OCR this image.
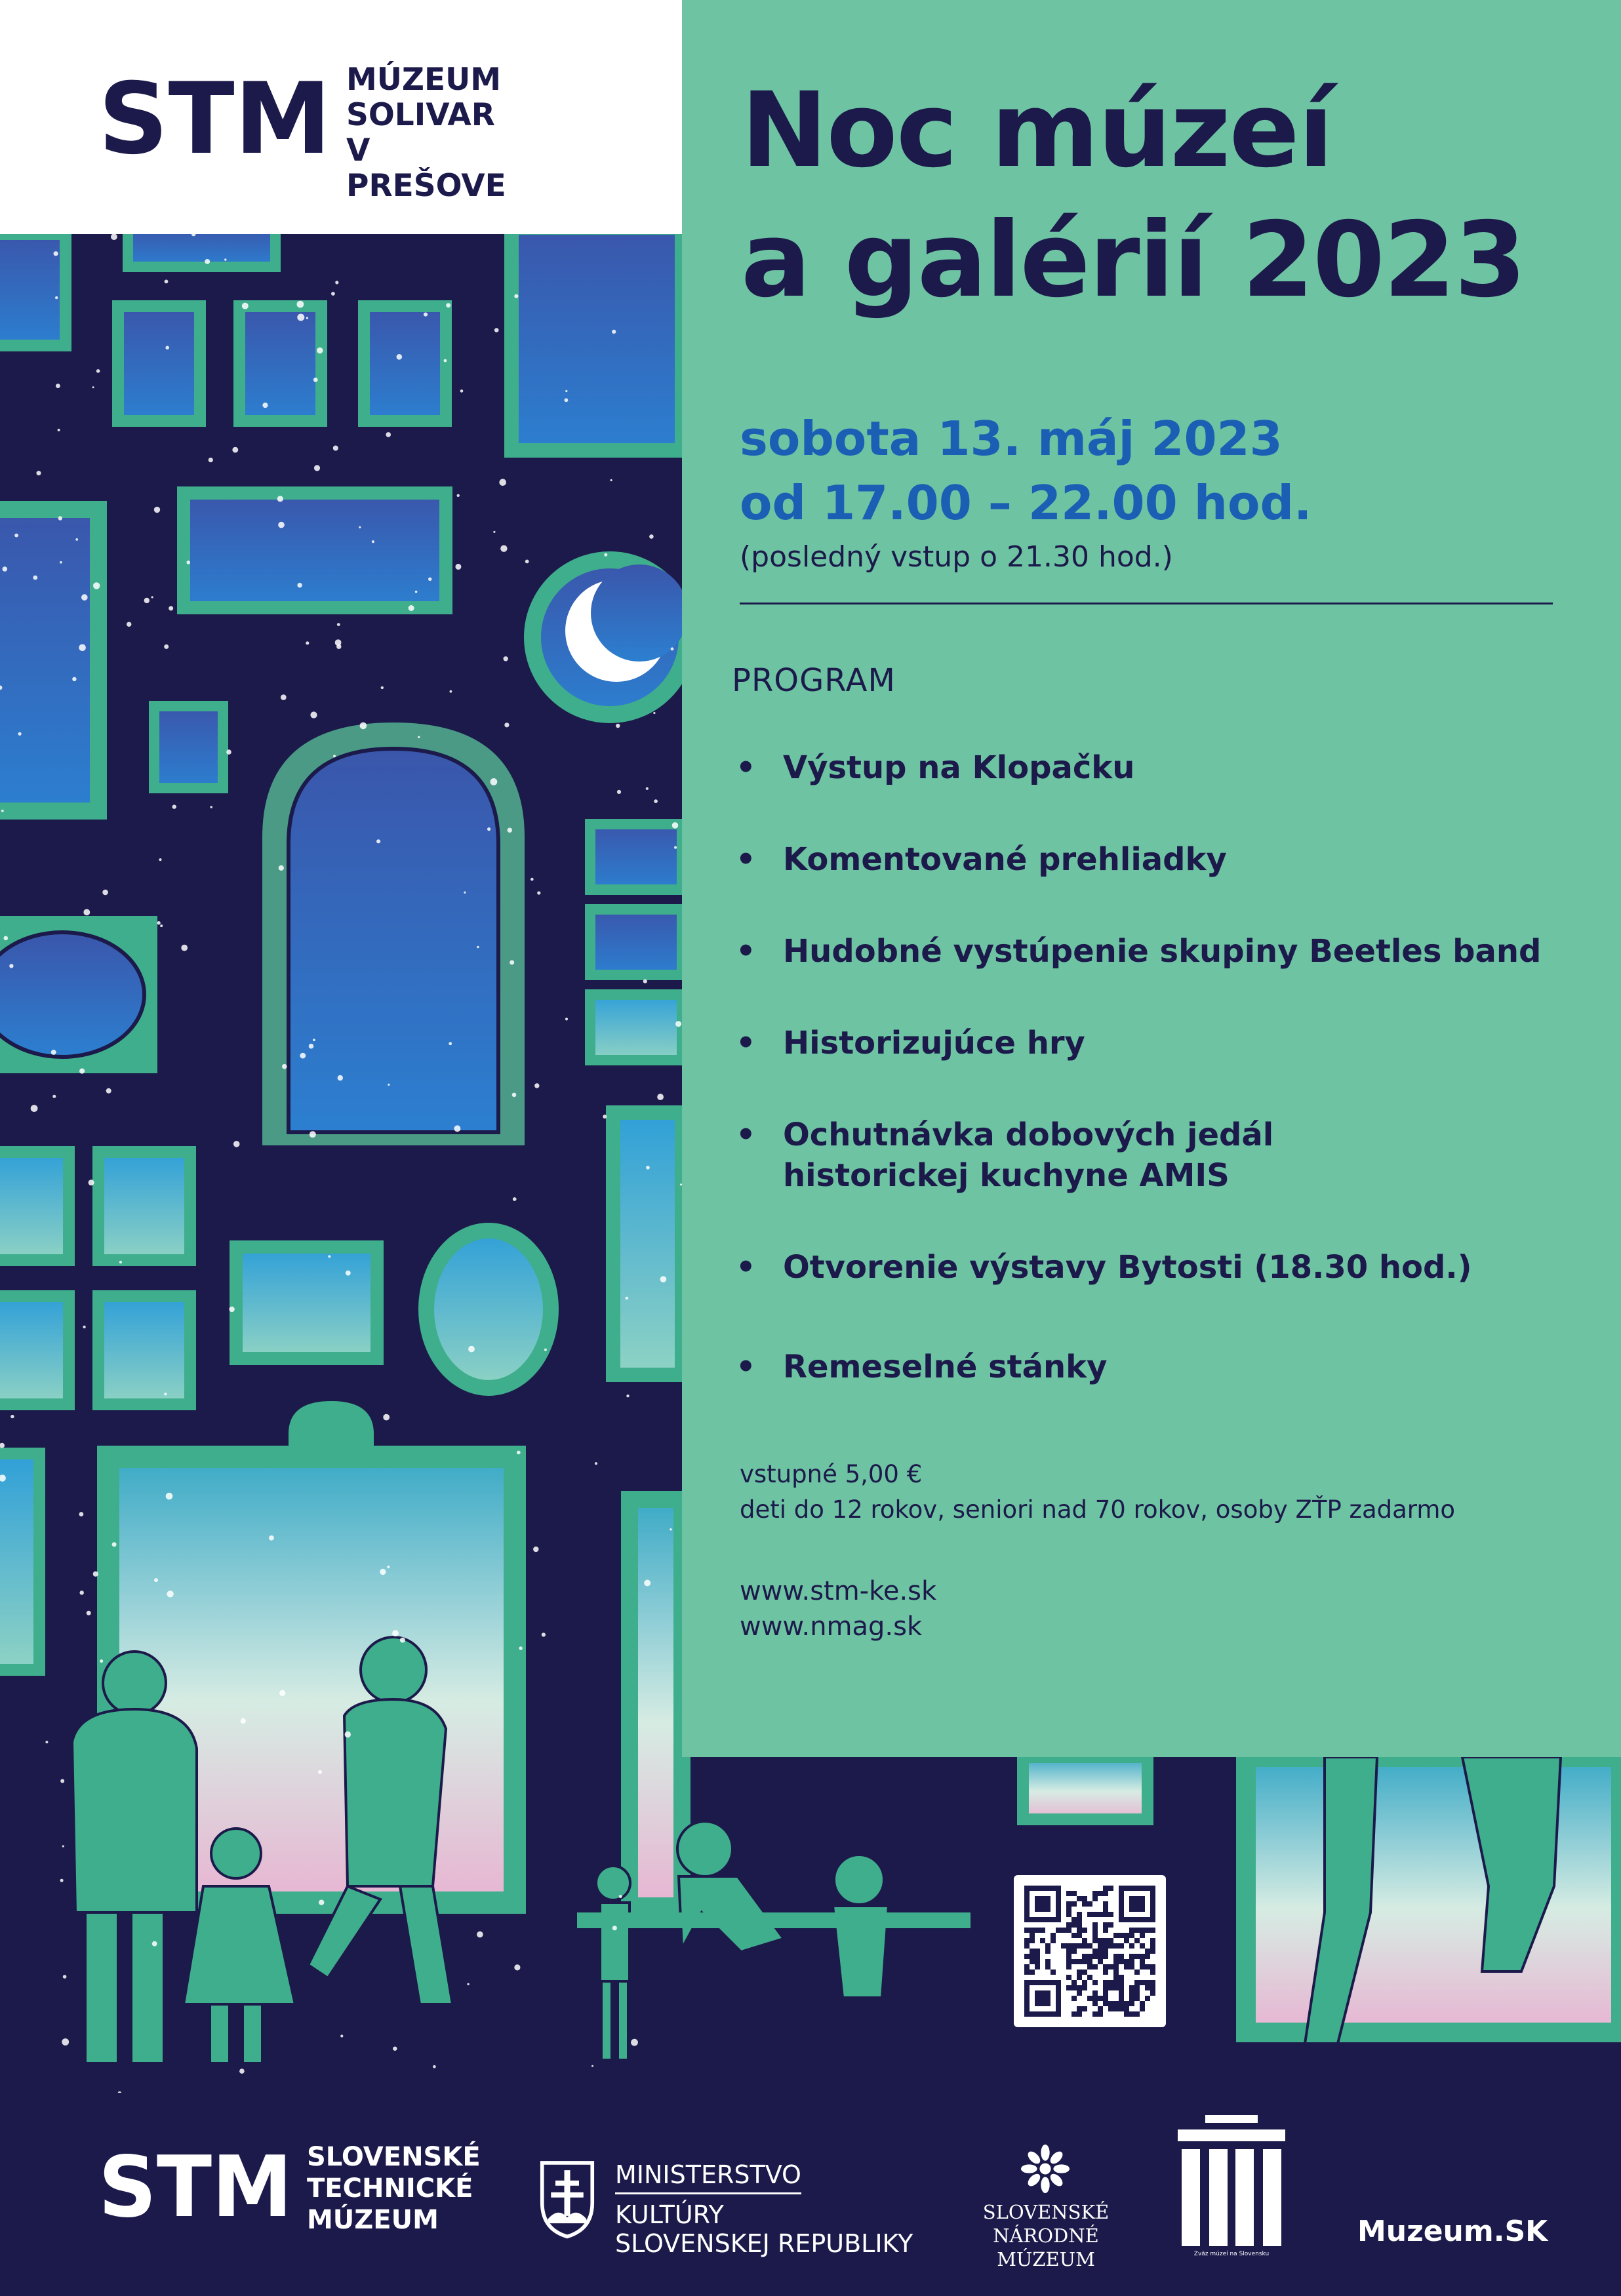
STM MÚZEUM
SOLIVAR
V PREŠOVE Noc múzeí
a galérií 2023
sobota 13. máj 2023
od 17.00 – 22.00 hod.
(posledný vstup o 21.30 hod.)
PROGRAM
• Výstup na Klopačku
• Komentované prehliadky
• Hudobné vystúpenie skupiny Beetles band
• Historizujúce hry
• Ochutnávka dobových jedál historickej kuchyne AMIS
• Otvorenie výstavy Bytosti (18.30 hod.)
• Remeselné stánky
vstupné 5,00 €
deti do 12 rokov, seniori nad 70 rokov, osoby ZŤP zadarmo
www.stm-ke.sk
www.nmag.sk
STM SLOVENSKÉ
TECHNICKÉ
MÚZEUM
MINISTERSTVO
KULTÚRY
SLOVENSKEJ REPUBLIKY
SLOVENSKÉ
NÁRODNÉ
MÚZEUM	Zväz múzeí na Slovensku
Muzeum.SK
